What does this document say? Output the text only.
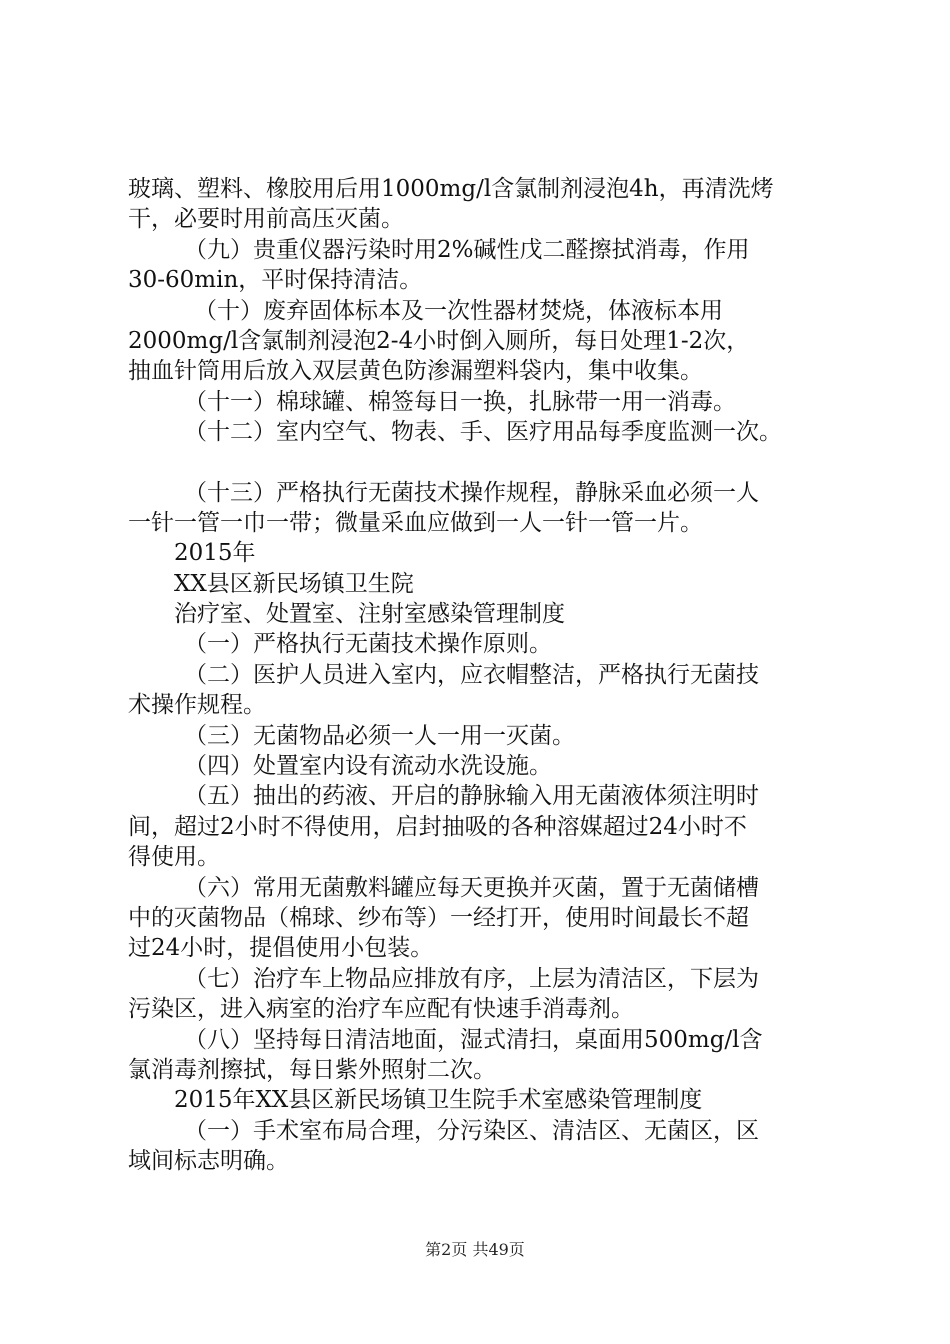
玻璃、塑料、橡胶用后用1000mg/l含氯制剂浸泡4h，再清洗烤
干，必要时用前高压灭菌。
（九）贵重仪器污染时用2%碱性戊二醛擦拭消毒，作用
30-60min，平时保持清洁。
（十）废弃固体标本及一次性器材焚烧，体液标本用
2000mg/l含氯制剂浸泡2-4小时倒入厕所，每日处理1-2次，
抽血针筒用后放入双层黄色防渗漏塑料袋内，集中收集。
（十一）棉球罐、棉签每日一换，扎脉带一用一消毒。
（十二）室内空气、物表、手、医疗用品每季度监测一次。
（十三）严格执行无菌技术操作规程，静脉采血必须一人
一针一管一巾一带；微量采血应做到一人一针一管一片。
2015年
XX县区新民场镇卫生院
治疗室、处置室、注射室感染管理制度
（一）严格执行无菌技术操作原则。
（二）医护人员进入室内，应衣帽整洁，严格执行无菌技
术操作规程。
（三）无菌物品必须一人一用一灭菌。
（四）处置室内设有流动水洗设施。
（五）抽出的药液、开启的静脉输入用无菌液体须注明时
间，超过2小时不得使用，启封抽吸的各种溶媒超过24小时不
得使用。
（六）常用无菌敷料罐应每天更换并灭菌，置于无菌储槽
中的灭菌物品（棉球、纱布等）一经打开，使用时间最长不超
过24小时，提倡使用小包装。
（七）治疗车上物品应排放有序，上层为清洁区，下层为
污染区，进入病室的治疗车应配有快速手消毒剂。
（八）坚持每日清洁地面，湿式清扫，桌面用500mg/l含
氯消毒剂擦拭，每日紫外照射二次。
2015年XX县区新民场镇卫生院手术室感染管理制度
（一）手术室布局合理，分污染区、清洁区、无菌区，区
域间标志明确。
第2页 共49页
